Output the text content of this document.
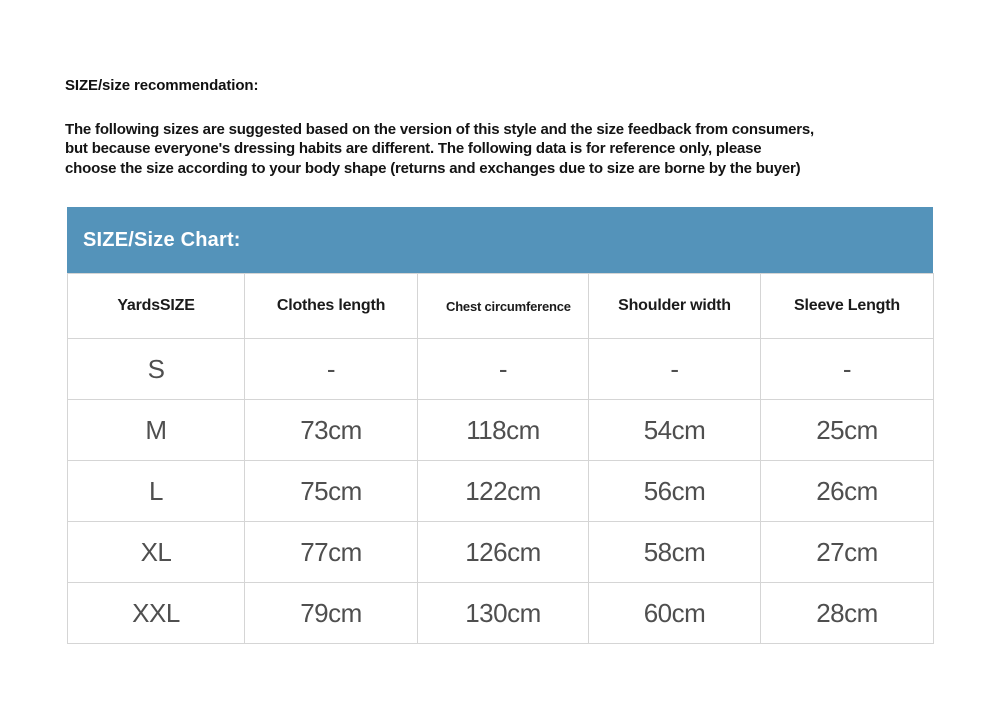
SIZE/size recommendation:
The following sizes are suggested based on the version of this style and the size feedback from consumers,
but because everyone's dressing habits are different. The following data is for reference only, please
choose the size according to your body shape (returns and exchanges due to size are borne by the buyer)
SIZE/Size Chart:
YardsSIZE	Clothes length	Chest circumference	Shoulder width	Sleeve Length
S	-	-	-	-
M	73cm	118cm	54cm	25cm
L	75cm	122cm	56cm	26cm
XL	77cm	126cm	58cm	27cm
XXL	79cm	130cm	60cm	28cm
